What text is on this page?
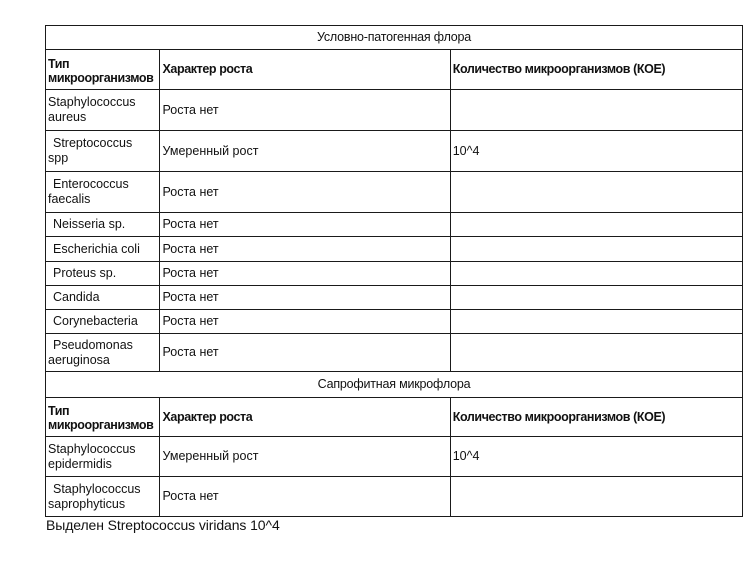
Условно-патогенная флора		

Тип
микроорганизмов	Характер роста	Количество микроорганизмов (КОЕ)

Staphylococcus
aureus	Роста нет	
Streptococcus
spp	Умеренный рост	10^4
Enterococcus
faecalis	Роста нет	
Neisseria sp.	Роста нет	
Escherichia coli	Роста нет	
Proteus sp.	Роста нет	
Candida	Роста нет	
Corynebacteria	Роста нет	
Pseudomonas
aeruginosa	Роста нет	
Сапрофитная микрофлора		

Тип
микроорганизмов	Характер роста	Количество микроорганизмов (КОЕ)

Staphylococcus
epidermidis	Умеренный рост	10^4
Staphylococcus
saprophyticus	Роста нет	
Выделен Streptococcus viridans 10^4
